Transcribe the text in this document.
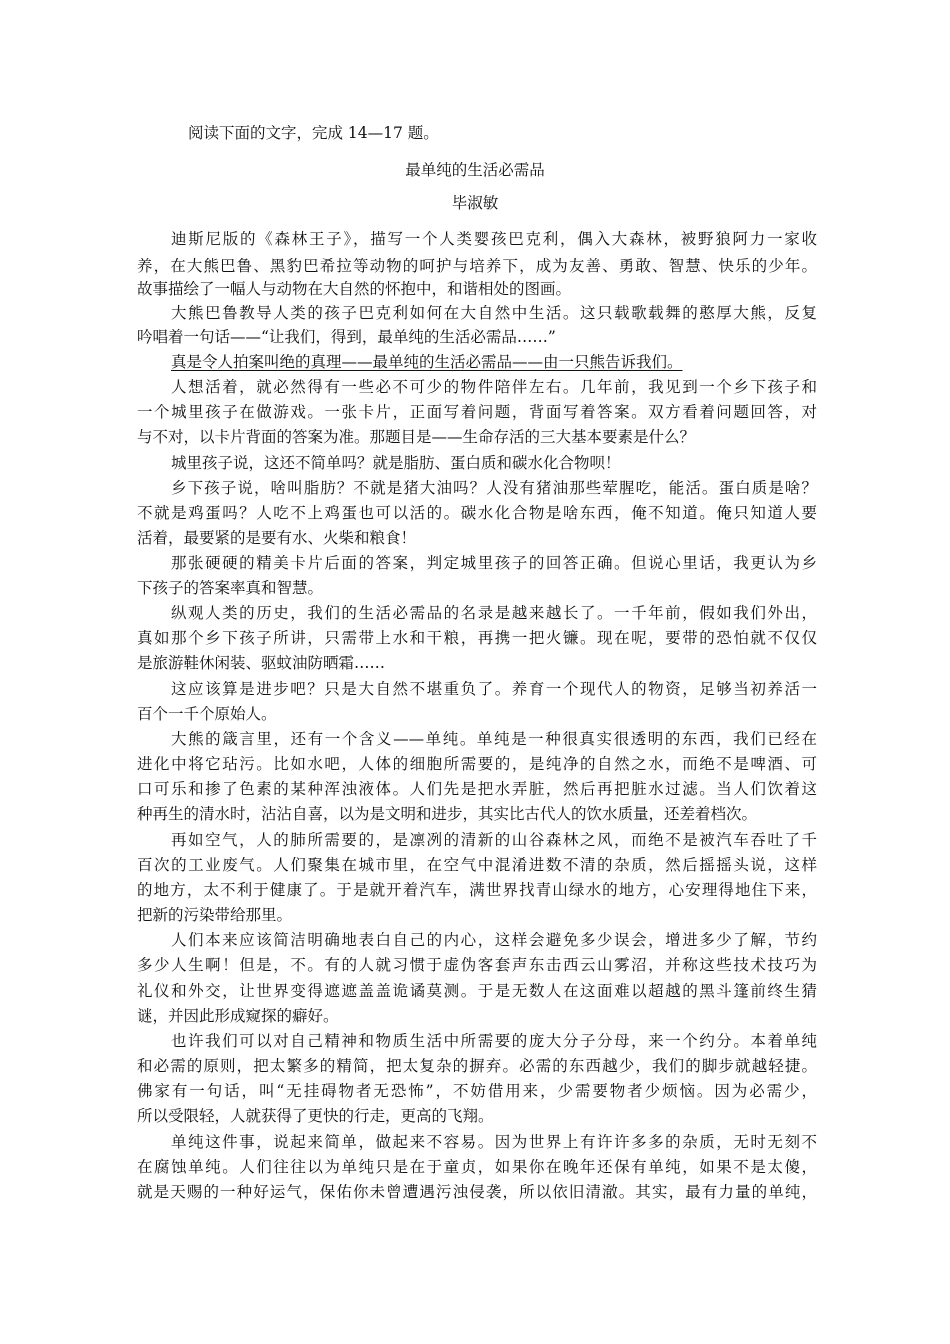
阅读下面的文字，完成 14—17 题。
最单纯的生活必需品
毕淑敏
迪斯尼版的《森林王子》，描写一个人类婴孩巴克利，偶入大森林，被野狼阿力一家收
养，在大熊巴鲁、黑豹巴希拉等动物的呵护与培养下，成为友善、勇敢、智慧、快乐的少年。
故事描绘了一幅人与动物在大自然的怀抱中，和谐相处的图画。
大熊巴鲁教导人类的孩子巴克利如何在大自然中生活。这只载歌载舞的憨厚大熊，反复
吟唱着一句话——“让我们，得到，最单纯的生活必需品……”
真是令人拍案叫绝的真理——最单纯的生活必需品——由一只熊告诉我们。
人想活着，就必然得有一些必不可少的物件陪伴左右。几年前，我见到一个乡下孩子和
一个城里孩子在做游戏。一张卡片，正面写着问题，背面写着答案。双方看着问题回答，对
与不对，以卡片背面的答案为准。那题目是——生命存活的三大基本要素是什么？
城里孩子说，这还不简单吗？就是脂肪、蛋白质和碳水化合物呗！
乡下孩子说，啥叫脂肪？不就是猪大油吗？人没有猪油那些荤腥吃，能活。蛋白质是啥？
不就是鸡蛋吗？人吃不上鸡蛋也可以活的。碳水化合物是啥东西，俺不知道。俺只知道人要
活着，最要紧的是要有水、火柴和粮食！
那张硬硬的精美卡片后面的答案，判定城里孩子的回答正确。但说心里话，我更认为乡
下孩子的答案率真和智慧。
纵观人类的历史，我们的生活必需品的名录是越来越长了。一千年前，假如我们外出，
真如那个乡下孩子所讲，只需带上水和干粮，再携一把火镰。现在呢，要带的恐怕就不仅仅
是旅游鞋休闲装、驱蚊油防晒霜……
这应该算是进步吧？只是大自然不堪重负了。养育一个现代人的物资，足够当初养活一
百个一千个原始人。
大熊的箴言里，还有一个含义——单纯。单纯是一种很真实很透明的东西，我们已经在
进化中将它玷污。比如水吧，人体的细胞所需要的，是纯净的自然之水，而绝不是啤酒、可
口可乐和掺了色素的某种浑浊液体。人们先是把水弄脏，然后再把脏水过滤。当人们饮着这
种再生的清水时，沾沾自喜，以为是文明和进步，其实比古代人的饮水质量，还差着档次。
再如空气，人的肺所需要的，是凛冽的清新的山谷森林之风，而绝不是被汽车吞吐了千
百次的工业废气。人们聚集在城市里，在空气中混淆进数不清的杂质，然后摇摇头说，这样
的地方，太不利于健康了。于是就开着汽车，满世界找青山绿水的地方，心安理得地住下来，
把新的污染带给那里。
人们本来应该简洁明确地表白自己的内心，这样会避免多少误会，增进多少了解，节约
多少人生啊！但是，不。有的人就习惯于虚伪客套声东击西云山雾沼，并称这些技术技巧为
礼仪和外交，让世界变得遮遮盖盖诡谲莫测。于是无数人在这面难以超越的黑斗篷前终生猜
谜，并因此形成窥探的癖好。
也许我们可以对自己精神和物质生活中所需要的庞大分子分母，来一个约分。本着单纯
和必需的原则，把太繁多的精简，把太复杂的摒弃。必需的东西越少，我们的脚步就越轻捷。
佛家有一句话，叫“无挂碍物者无恐怖”，不妨借用来，少需要物者少烦恼。因为必需少，
所以受限轻，人就获得了更快的行走，更高的飞翔。
单纯这件事，说起来简单，做起来不容易。因为世界上有许许多多的杂质，无时无刻不
在腐蚀单纯。人们往往以为单纯只是在于童贞，如果你在晚年还保有单纯，如果不是太傻，
就是天赐的一种好运气，保佑你未曾遭遇污浊侵袭，所以依旧清澈。其实，最有力量的单纯，
